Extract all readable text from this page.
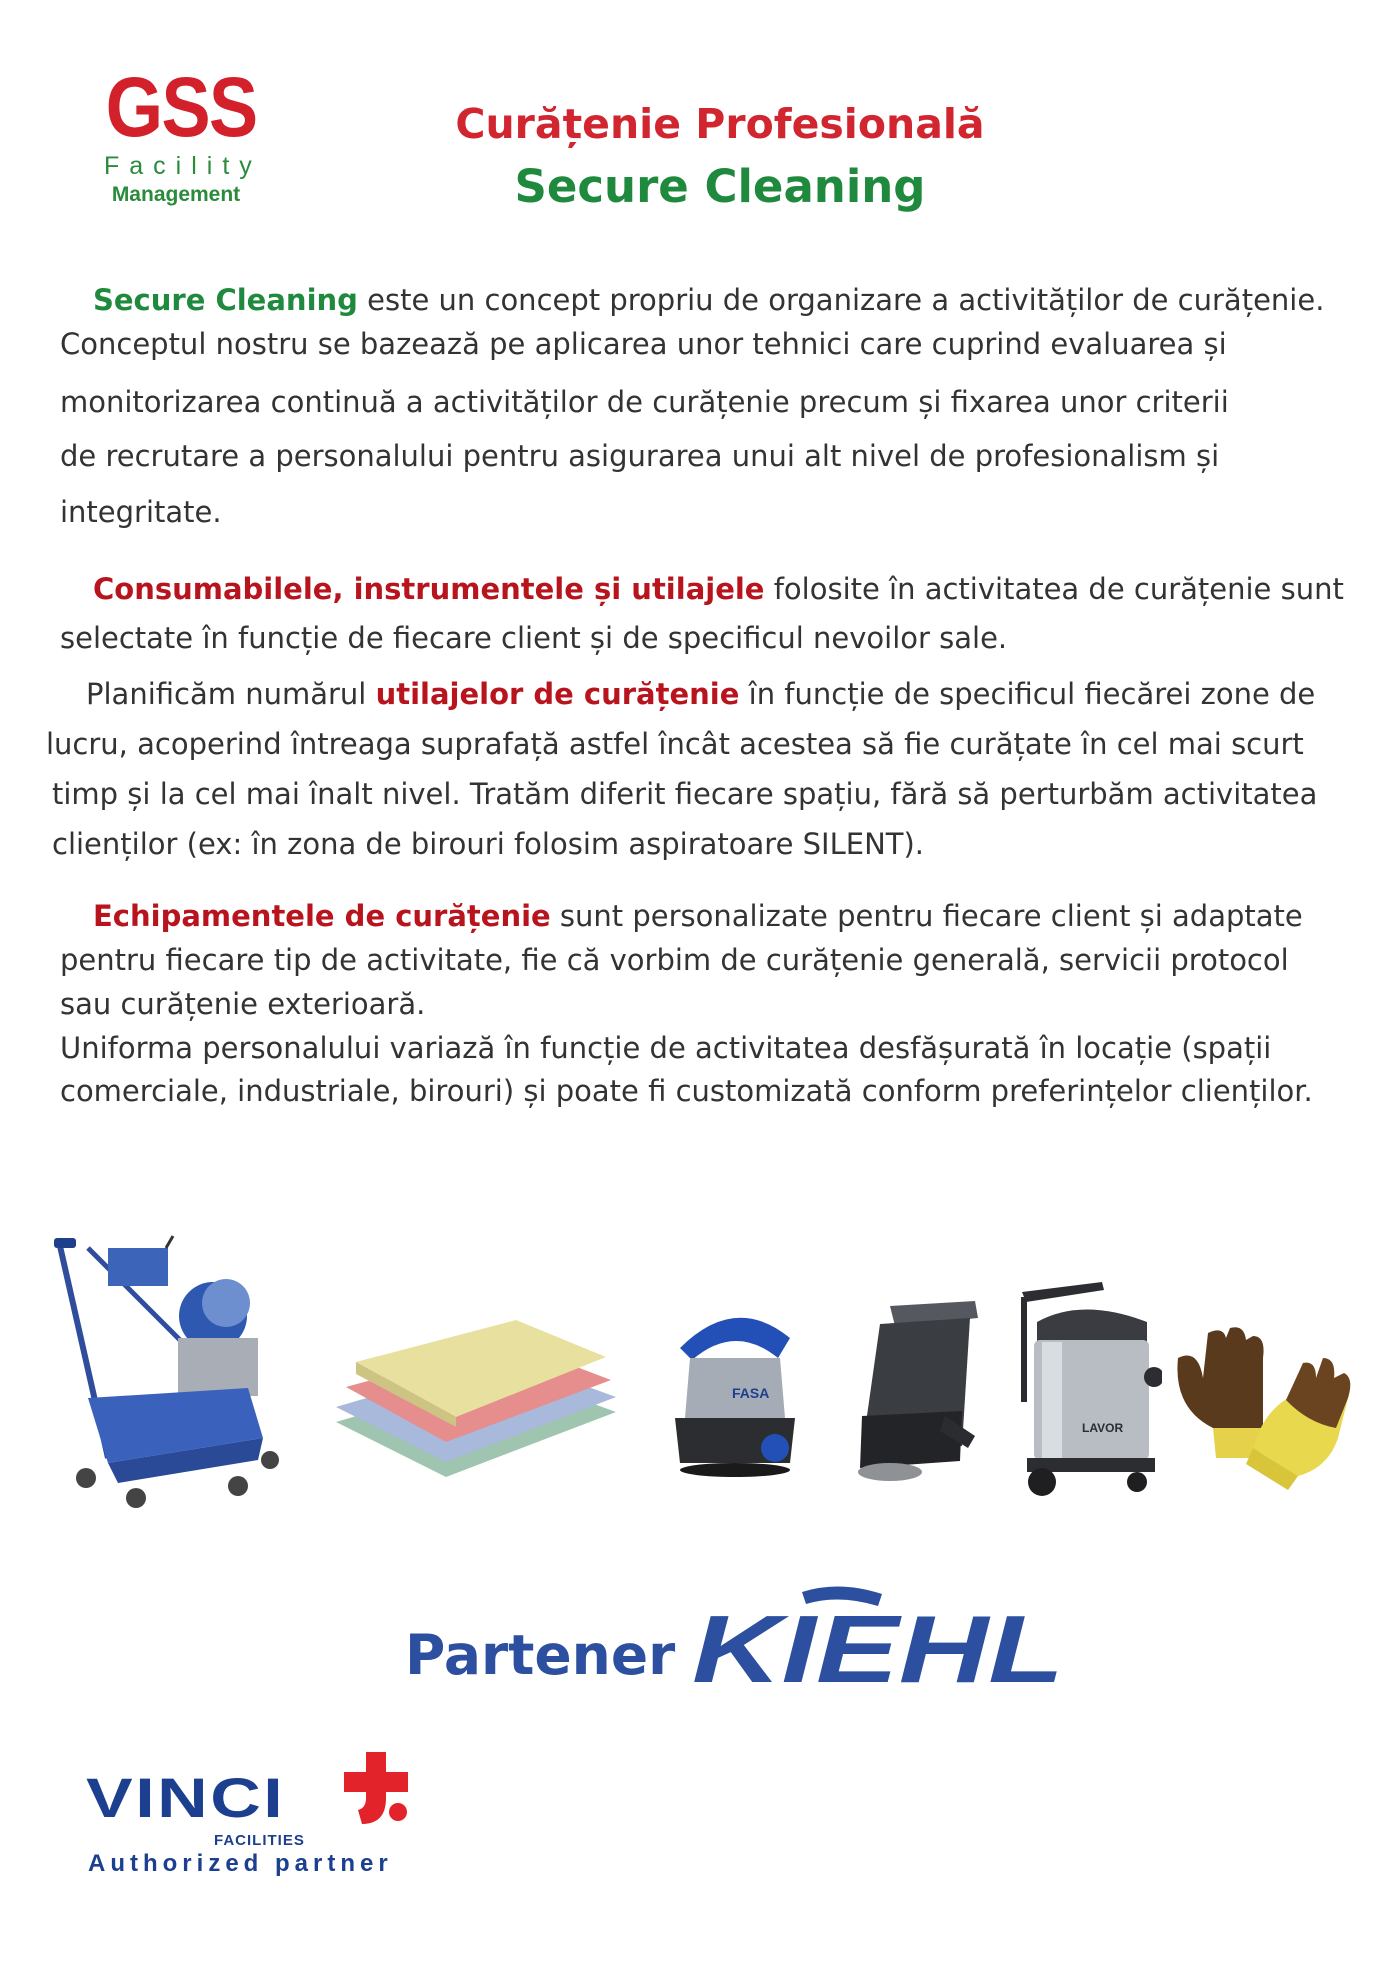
GSS
Facility
Management
Curățenie Profesională
Secure Cleaning
Secure Cleaning este un concept propriu de organizare a activităților de curățenie.
Conceptul nostru se bazează pe aplicarea unor tehnici care cuprind evaluarea și
monitorizarea continuă a activităților de curățenie precum și fixarea unor criterii
de recrutare a personalului pentru asigurarea unui alt nivel de profesionalism și
integritate.
Consumabilele, instrumentele și utilajele folosite în activitatea de curățenie sunt
selectate în funcție de fiecare client și de specificul nevoilor sale.
Planificăm numărul utilajelor de curățenie în funcție de specificul fiecărei zone de
lucru, acoperind întreaga suprafață astfel încât acestea să fie curățate în cel mai scurt
timp și la cel mai înalt nivel. Tratăm diferit fiecare spațiu, fără să perturbăm activitatea
clienților (ex: în zona de birouri folosim aspiratoare SILENT).
Echipamentele de curățenie sunt personalizate pentru fiecare client și adaptate
pentru fiecare tip de activitate, fie că vorbim de curățenie generală, servicii protocol
sau curățenie exterioară.
Uniforma personalului variază în funcție de activitatea desfășurată în locație (spații
comerciale, industriale, birouri) și poate fi customizată conform preferințelor clienților.
FASA
LAVOR
Partener KIEHL
VINCI
FACILITIES
Authorized partner
